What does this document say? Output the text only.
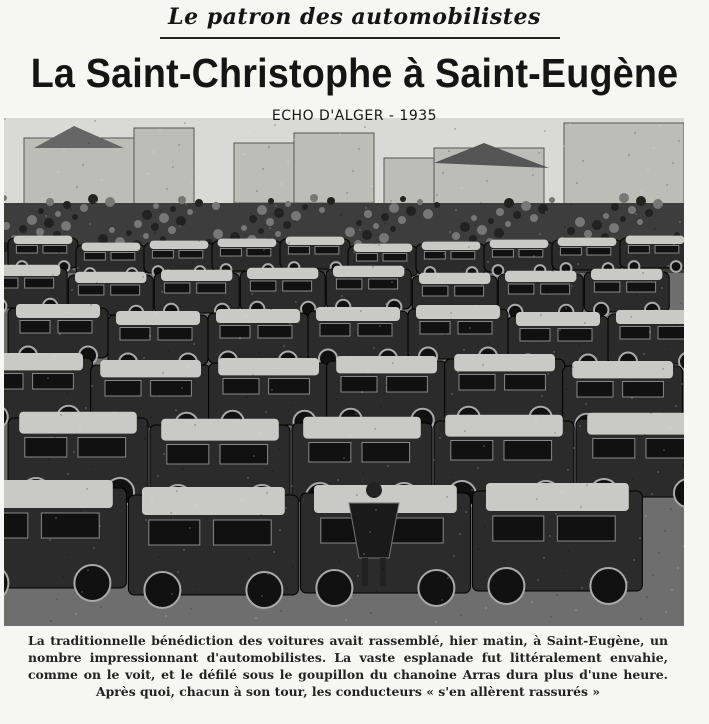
Le patron des automobilistes
La Saint-Christophe à Saint-Eugène
ECHO D'ALGER - 1935
La traditionnelle bénédiction des voitures avait rassemblé, hier matin, à Saint-Eugène, un nombre impressionnant d'automobilistes. La vaste esplanade fut littéralement envahie, comme on le voit, et le défilé sous le goupillon du chanoine Arras dura plus d'une heure. Après quoi, chacun à son tour, les conducteurs « s'en allèrent rassurés »
